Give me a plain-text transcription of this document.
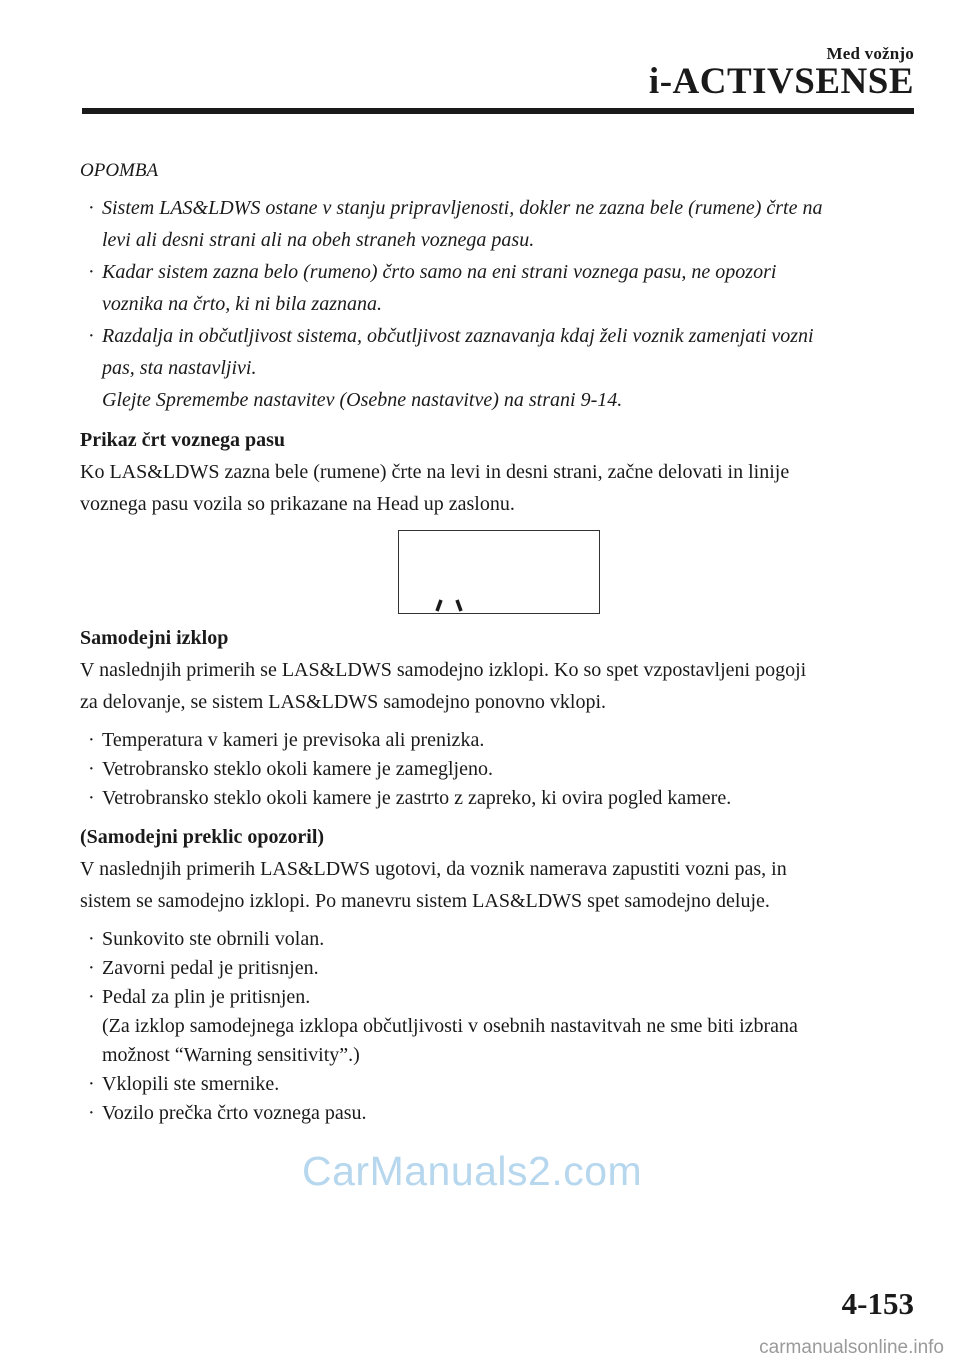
Med vožnjo
i-ACTIVSENSE
OPOMBA
· Sistem LAS&LDWS ostane v stanju pripravljenosti, dokler ne zazna bele (rumene) črte na
levi ali desni strani ali na obeh straneh voznega pasu.
· Kadar sistem zazna belo (rumeno) črto samo na eni strani voznega pasu, ne opozori
voznika na črto, ki ni bila zaznana.
· Razdalja in občutljivost sistema, občutljivost zaznavanja kdaj želi voznik zamenjati vozni
pas, sta nastavljivi.
Glejte Spremembe nastavitev (Osebne nastavitve) na strani 9-14.
Prikaz črt voznega pasu

Ko LAS&LDWS zazna bele (rumene) črte na levi in desni strani, začne delovati in linije
voznega pasu vozila so prikazane na Head up zaslonu.

Samodejni izklop

V naslednjih primerih se LAS&LDWS samodejno izklopi. Ko so spet vzpostavljeni pogoji
za delovanje, se sistem LAS&LDWS samodejno ponovno vklopi.

· Temperatura v kameri je previsoka ali prenizka.
· Vetrobransko steklo okoli kamere je zamegljeno.
· Vetrobransko steklo okoli kamere je zastrto z zapreko, ki ovira pogled kamere.
(Samodejni preklic opozoril)

V naslednjih primerih LAS&LDWS ugotovi, da voznik namerava zapustiti vozni pas, in
sistem se samodejno izklopi. Po manevru sistem LAS&LDWS spet samodejno deluje.

· Sunkovito ste obrnili volan.
· Zavorni pedal je pritisnjen.
· Pedal za plin je pritisnjen.
(Za izklop samodejnega izklopa občutljivosti v osebnih nastavitvah ne sme biti izbrana
možnost “Warning sensitivity”.)
· Vklopili ste smernike.
· Vozilo prečka črto voznega pasu.
CarManuals2.com
4-153
carmanualsonline.info
